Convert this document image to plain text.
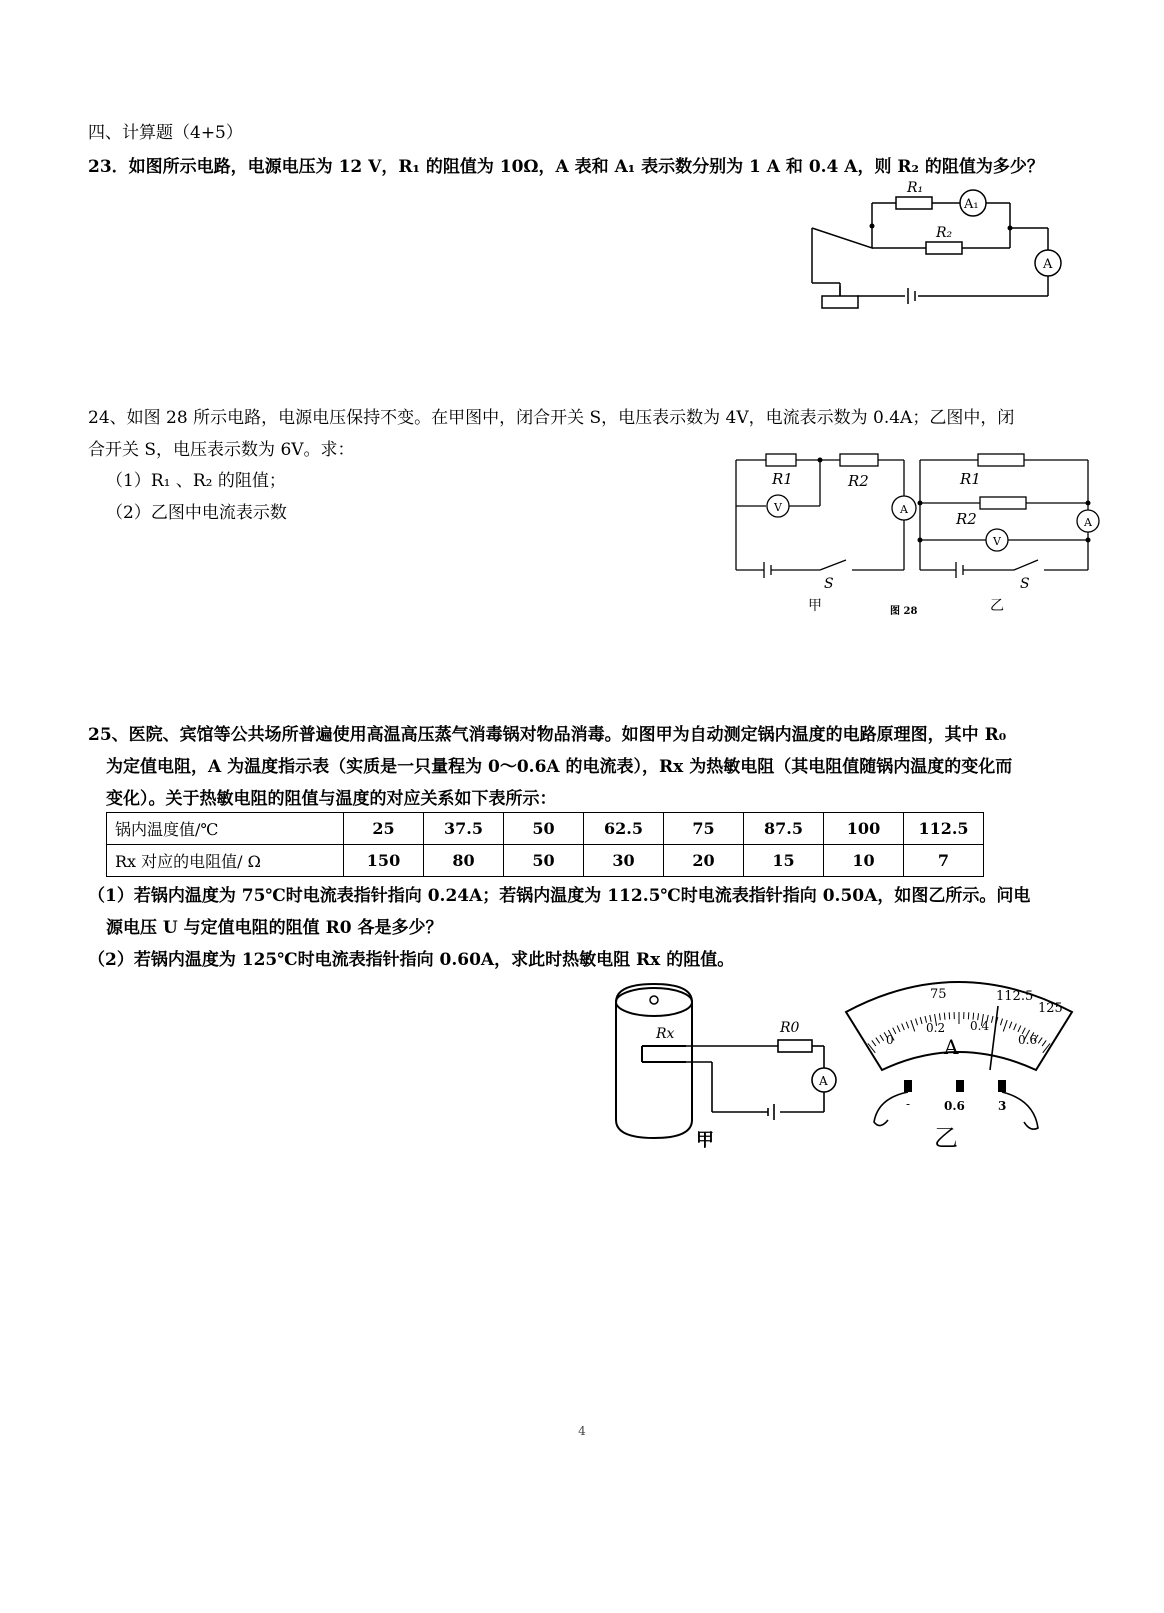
四、计算题（4+5）
23．如图所示电路，电源电压为 12 V，R₁ 的阻值为 10Ω，A 表和 A₁ 表示数分别为 1 A 和 0.4 A，则 R₂ 的阻值为多少？
R₁
R₂
A₁
A
24、如图 28 所示电路，电源电压保持不变。在甲图中，闭合开关 S，电压表示数为 4V，电流表示数为 0.4A；乙图中，闭
合开关 S，电压表示数为 6V。求：
（1）R₁ 、R₂ 的阻值；
（2）乙图中电流表示数
R1	R2
V	A
S
R1
R2
V
A
S
甲	图 28	乙
25、医院、宾馆等公共场所普遍使用高温高压蒸气消毒锅对物品消毒。如图甲为自动测定锅内温度的电路原理图，其中 R₀
为定值电阻，A 为温度指示表（实质是一只量程为 0～0.6A 的电流表），Rx 为热敏电阻（其电阻值随锅内温度的变化而
变化）。关于热敏电阻的阻值与温度的对应关系如下表所示：
锅内温度值/℃	25	37.5	50	62.5	75	87.5	100	112.5
Rx 对应的电阻值/ Ω	150	80	50	30	20	15	10	7
（1）若锅内温度为 75℃时电流表指针指向 0.24A；若锅内温度为 112.5℃时电流表指针指向 0.50A，如图乙所示。问电
源电压 U 与定值电阻的阻值 R0 各是多少？
（2）若锅内温度为 125℃时电流表指针指向 0.60A，求此时热敏电阻 Rx 的阻值。
Rx	R0
A
甲
75	112.5
125
0
0.2 0.4
0.6
A
-	0.6	3
乙
4
